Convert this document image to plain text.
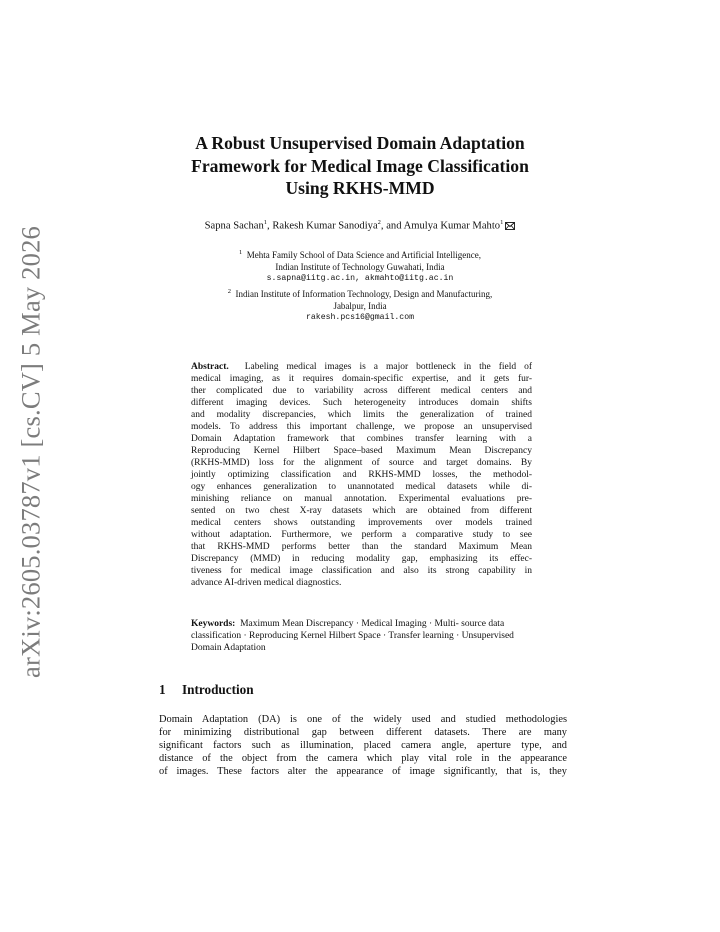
arXiv:2605.03787v1 [cs.CV] 5 May 2026
A Robust Unsupervised Domain Adaptation
Framework for Medical Image Classification
Using RKHS-MMD
Sapna Sachan$^1$, Rakesh Kumar Sanodiya$^2$, and Amulya Kumar Mahto$^1$
$^1$ Mehta Family School of Data Science and Artificial Intelligence,
Indian Institute of Technology Guwahati, India
s.sapna@iitg.ac.in, akmahto@iitg.ac.in
$^2$ Indian Institute of Information Technology, Design and Manufacturing,
Jabalpur, India
rakesh.pcs16@gmail.com
Abstract. Labeling medical images is a major bottleneck in the field of
medical imaging, as it requires domain-specific expertise, and it gets fur-
ther complicated due to variability across different medical centers and
different imaging devices. Such heterogeneity introduces domain shifts
and modality discrepancies, which limits the generalization of trained
models. To address this important challenge, we propose an unsupervised
Domain Adaptation framework that combines transfer learning with a
Reproducing Kernel Hilbert Space–based Maximum Mean Discrepancy
(RKHS-MMD) loss for the alignment of source and target domains. By
jointly optimizing classification and RKHS-MMD losses, the methodol-
ogy enhances generalization to unannotated medical datasets while di-
minishing reliance on manual annotation. Experimental evaluations pre-
sented on two chest X-ray datasets which are obtained from different
medical centers shows outstanding improvements over models trained
without adaptation. Furthermore, we perform a comparative study to see
that RKHS-MMD performs better than the standard Maximum Mean
Discrepancy (MMD) in reducing modality gap, emphasizing its effec-
tiveness for medical image classification and also its strong capability in
advance AI-driven medical diagnostics.
Keywords: Maximum Mean Discrepancy · Medical Imaging · Multi- source data classification · Reproducing Kernel Hilbert Space · Transfer learning · Unsupervised Domain Adaptation
1 Introduction
Domain Adaptation (DA) is one of the widely used and studied methodologies
for minimizing distributional gap between different datasets. There are many
significant factors such as illumination, placed camera angle, aperture type, and
distance of the object from the camera which play vital role in the appearance
of images. These factors alter the appearance of image significantly, that is, they
